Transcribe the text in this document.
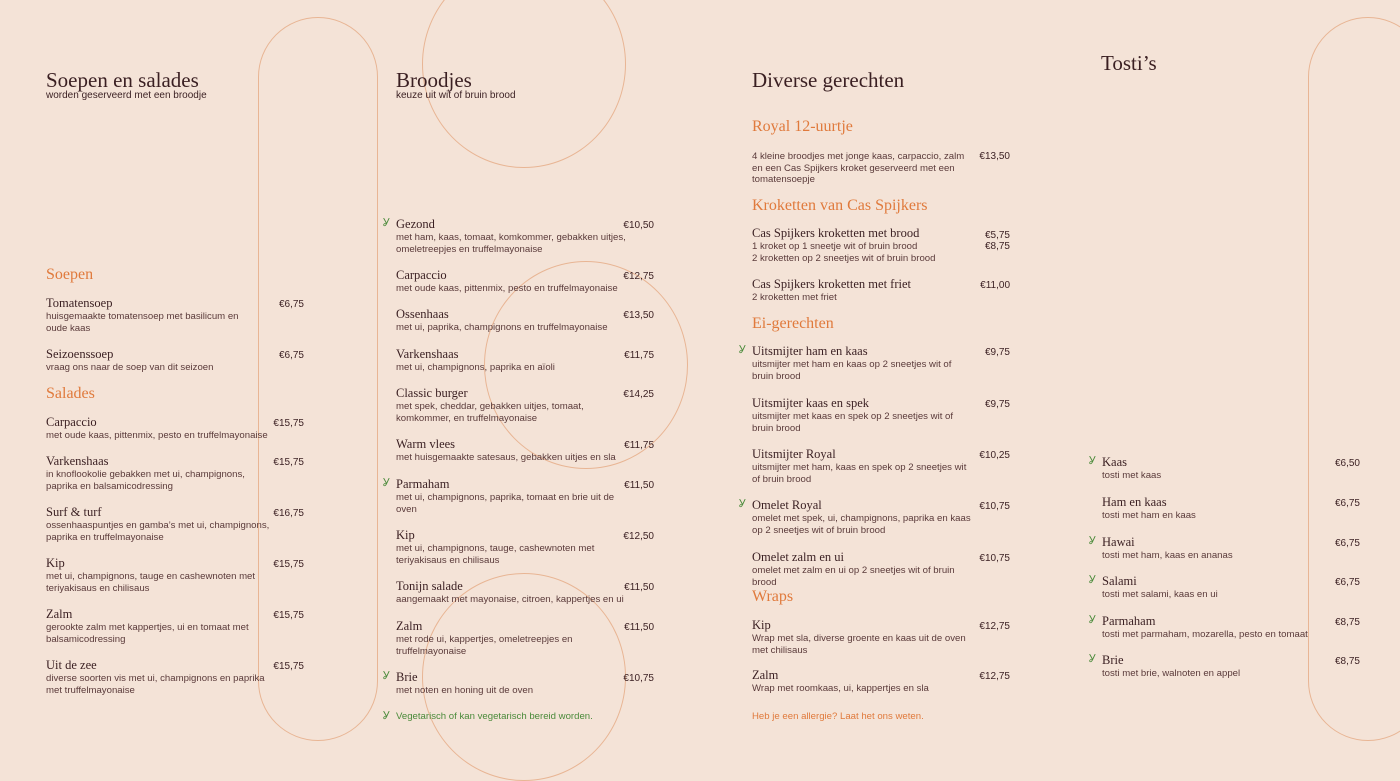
Soepen en salades
worden geserveerd met een broodje
Soepen
Tomatensoep
huisgemaakte tomatensoep met basilicum en oude kaas
€6,75
Seizoenssoep
vraag ons naar de soep van dit seizoen
€6,75
Salades
Carpaccio
met oude kaas, pittenmix, pesto en truffelmayonaise
€15,75
Varkenshaas
in knoflookolie gebakken met ui, champignons, paprika en balsamicodressing
€15,75
Surf & turf
ossenhaaspuntjes en gamba’s met ui, champignons, paprika en truffelmayonaise
€16,75
Kip
met ui, champignons, tauge en cashewnoten met teriyakisaus en chilisaus
€15,75
Zalm
gerookte zalm met kappertjes, ui en tomaat met balsamicodressing
€15,75
Uit de zee
diverse soorten vis met ui, champignons en paprika met truffelmayonaise
€15,75
Broodjes
keuze uit wit of bruin brood
Gezond
met ham, kaas, tomaat, komkommer, gebakken uitjes, omeletreepjes en truffelmayonaise
€10,50
Ỿ
Carpaccio
met oude kaas, pittenmix, pesto en truffelmayonaise
€12,75
Ossenhaas
met ui, paprika, champignons en truffelmayonaise
€13,50
Varkenshaas
met ui, champignons, paprika en aïoli
€11,75
Classic burger
met spek, cheddar, gebakken uitjes, tomaat, komkommer, en truffelmayonaise
€14,25
Warm vlees
met huisgemaakte satesaus, gebakken uitjes en sla
€11,75
Parmaham
met ui, champignons, paprika, tomaat en brie uit de oven
€11,50
Ỿ
Kip
met ui, champignons, tauge, cashewnoten met teriyakisaus en chilisaus
€12,50
Tonijn salade
aangemaakt met mayonaise, citroen, kappertjes en ui
€11,50
Zalm
met rode ui, kappertjes, omeletreepjes en truffelmayonaise
€11,50
Brie
met noten en honing uit de oven
€10,75
Ỿ
Ỿ Vegetarisch of kan vegetarisch bereid worden.
Diverse gerechten
Royal 12-uurtje
4 kleine broodjes met jonge kaas, carpaccio, zalm en een Cas Spijkers kroket geserveerd met een tomatensoepje
€13,50
Kroketten van Cas Spijkers
Cas Spijkers kroketten met brood
1 kroket op 1 sneetje wit of bruin brood
2 kroketten op 2 sneetjes wit of bruin brood
€5,75
€8,75
Cas Spijkers kroketten met friet
2 kroketten met friet
€11,00
Ei-gerechten
Uitsmijter ham en kaas
uitsmijter met ham en kaas op 2 sneetjes wit of bruin brood
€9,75
Ỿ
Uitsmijter kaas en spek
uitsmijter met kaas en spek op 2 sneetjes wit of bruin brood
€9,75
Uitsmijter Royal
uitsmijter met ham, kaas en spek op 2 sneetjes wit of bruin brood
€10,25
Omelet Royal
omelet met spek, ui, champignons, paprika en kaas op 2 sneetjes wit of bruin brood
€10,75
Ỿ
Omelet zalm en ui
omelet met zalm en ui op 2 sneetjes wit of bruin brood
€10,75
Wraps
Kip
Wrap met sla, diverse groente en kaas uit de oven met chilisaus
€12,75
Zalm
Wrap met roomkaas, ui, kappertjes en sla
€12,75
Heb je een allergie? Laat het ons weten.
Tosti’s
Kaas
tosti met kaas
€6,50
Ỿ
Ham en kaas
tosti met ham en kaas
€6,75
Hawai
tosti met ham, kaas en ananas
€6,75
Ỿ
Salami
tosti met salami, kaas en ui
€6,75
Ỿ
Parmaham
tosti met parmaham, mozarella, pesto en tomaat
€8,75
Ỿ
Brie
tosti met brie, walnoten en appel
€8,75
Ỿ
